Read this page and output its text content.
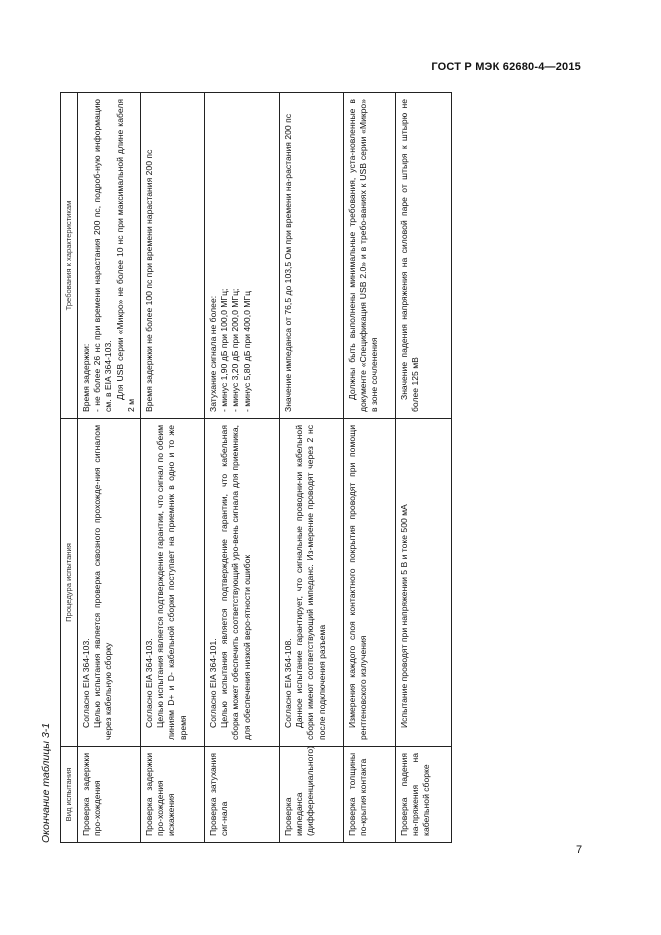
ГОСТ Р МЭК 62680-4—2015
Окончание таблицы 3-1 Вид испытания	Процедура испытания	Требования к характеристикам
Проверка задержки про-хождения	Согласно EIA 364-103. Целью испытания является проверка сквозного прохожде-ния сигналом через кабельную сборку	Время задержки: - не более 26 нс при времени нарастания 200 пс, подроб-ную информацию см. в EIA 364-103. Для USB серии «Микро» не более 10 нс при максимальной длине кабеля 2 м

Проверка задержки про-хождения искажения	Согласно EIA 364-103. Целью испытания является подтверждение гарантии, что сигнал по обеим линиям D+ и D- кабельной сборки поступает на приемник в одно и то же время	Время задержки не более 100 пс при времени нарастания 200 пс

Проверка затухания сиг-нала	Согласно EIA 364-101. Целью испытания является подтверждение гарантии, что кабельная сборка может обеспечить соответствующий уро-вень сигнала для приемника, для обеспечения низкой веро-ятности ошибок	Затухание сигнала не более: - минус 1,90 дБ при 100,0 МГц; - минус 3,20 дБ при 200,0 МГц; - минус 5,80 дБ при 400,0 МГц

Проверка импеданса (дифференциального)	Согласно EIA 364-108. Данное испытание гарантирует, что сигнальные проводни-ки кабельной сборки имеют соответствующий импеданс. Из-мерение проводят через 2 нс после подключения разъема	Значение импеданса от 76,5 до 103,5 Ом при времени на-растания 200 пс

Проверка толщины по-крытия контакта	Измерения каждого слоя контактного покрытия проводят при помощи рентгеновского излучения	Должны быть выполнены минимальные требования, уста-новленные в документе «Спецификация USB 2.0» и в требо-ваниях к USB серии «Микро» в зоне сочленения

Проверка падения на-пряжения на кабельной сборке	Испытание проводят при напряжении 5 В и токе 500 мА	Значение падения напряжения на силовой паре от штыря к штырю не более 125 мВ
7
